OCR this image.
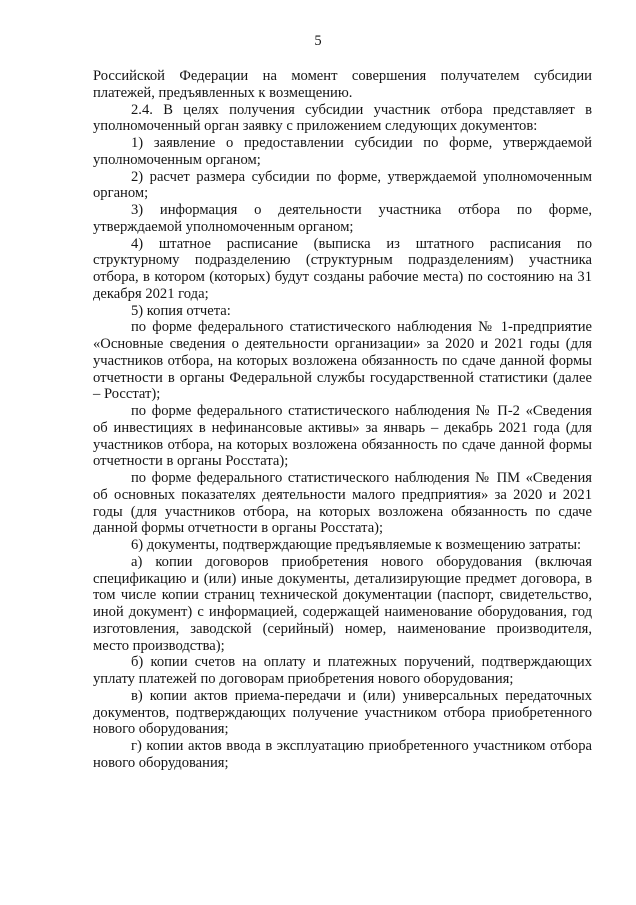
5

Российской Федерации на момент совершения получателем субсидии платежей, предъявленных к возмещению.

2.4. В целях получения субсидии участник отбора представляет в уполномоченный орган заявку с приложением следующих документов:

1) заявление о предоставлении субсидии по форме, утверждаемой уполномоченным органом;

2) расчет размера субсидии по форме, утверждаемой уполномоченным органом;

3) информация о деятельности участника отбора по форме, утверждаемой уполномоченным органом;

4) штатное расписание (выписка из штатного расписания по структурному подразделению (структурным подразделениям) участника отбора, в котором (которых) будут созданы рабочие места) по состоянию на 31 декабря 2021 года;

5) копия отчета:

по форме федерального статистического наблюдения № 1-предприятие «Основные сведения о деятельности организации» за 2020 и 2021 годы (для участников отбора, на которых возложена обязанность по сдаче данной формы отчетности в органы Федеральной службы государственной статистики (далее – Росстат);

по форме федерального статистического наблюдения № П-2 «Сведения об инвестициях в нефинансовые активы» за январь – декабрь 2021 года (для участников отбора, на которых возложена обязанность по сдаче данной формы отчетности в органы Росстата);

по форме федерального статистического наблюдения № ПМ «Сведения об основных показателях деятельности малого предприятия» за 2020 и 2021 годы (для участников отбора, на которых возложена обязанность по сдаче данной формы отчетности в органы Росстата);

6) документы, подтверждающие предъявляемые к возмещению затраты:

а) копии договоров приобретения нового оборудования (включая спецификацию и (или) иные документы, детализирующие предмет договора, в том числе копии страниц технической документации (паспорт, свидетельство, иной документ) с информацией, содержащей наименование оборудования, год изготовления, заводской (серийный) номер, наименование производителя, место производства);

б) копии счетов на оплату и платежных поручений, подтверждающих уплату платежей по договорам приобретения нового оборудования;

в) копии актов приема-передачи и (или) универсальных передаточных документов, подтверждающих получение участником отбора приобретенного нового оборудования;

г) копии актов ввода в эксплуатацию приобретенного участником отбора нового оборудования;
